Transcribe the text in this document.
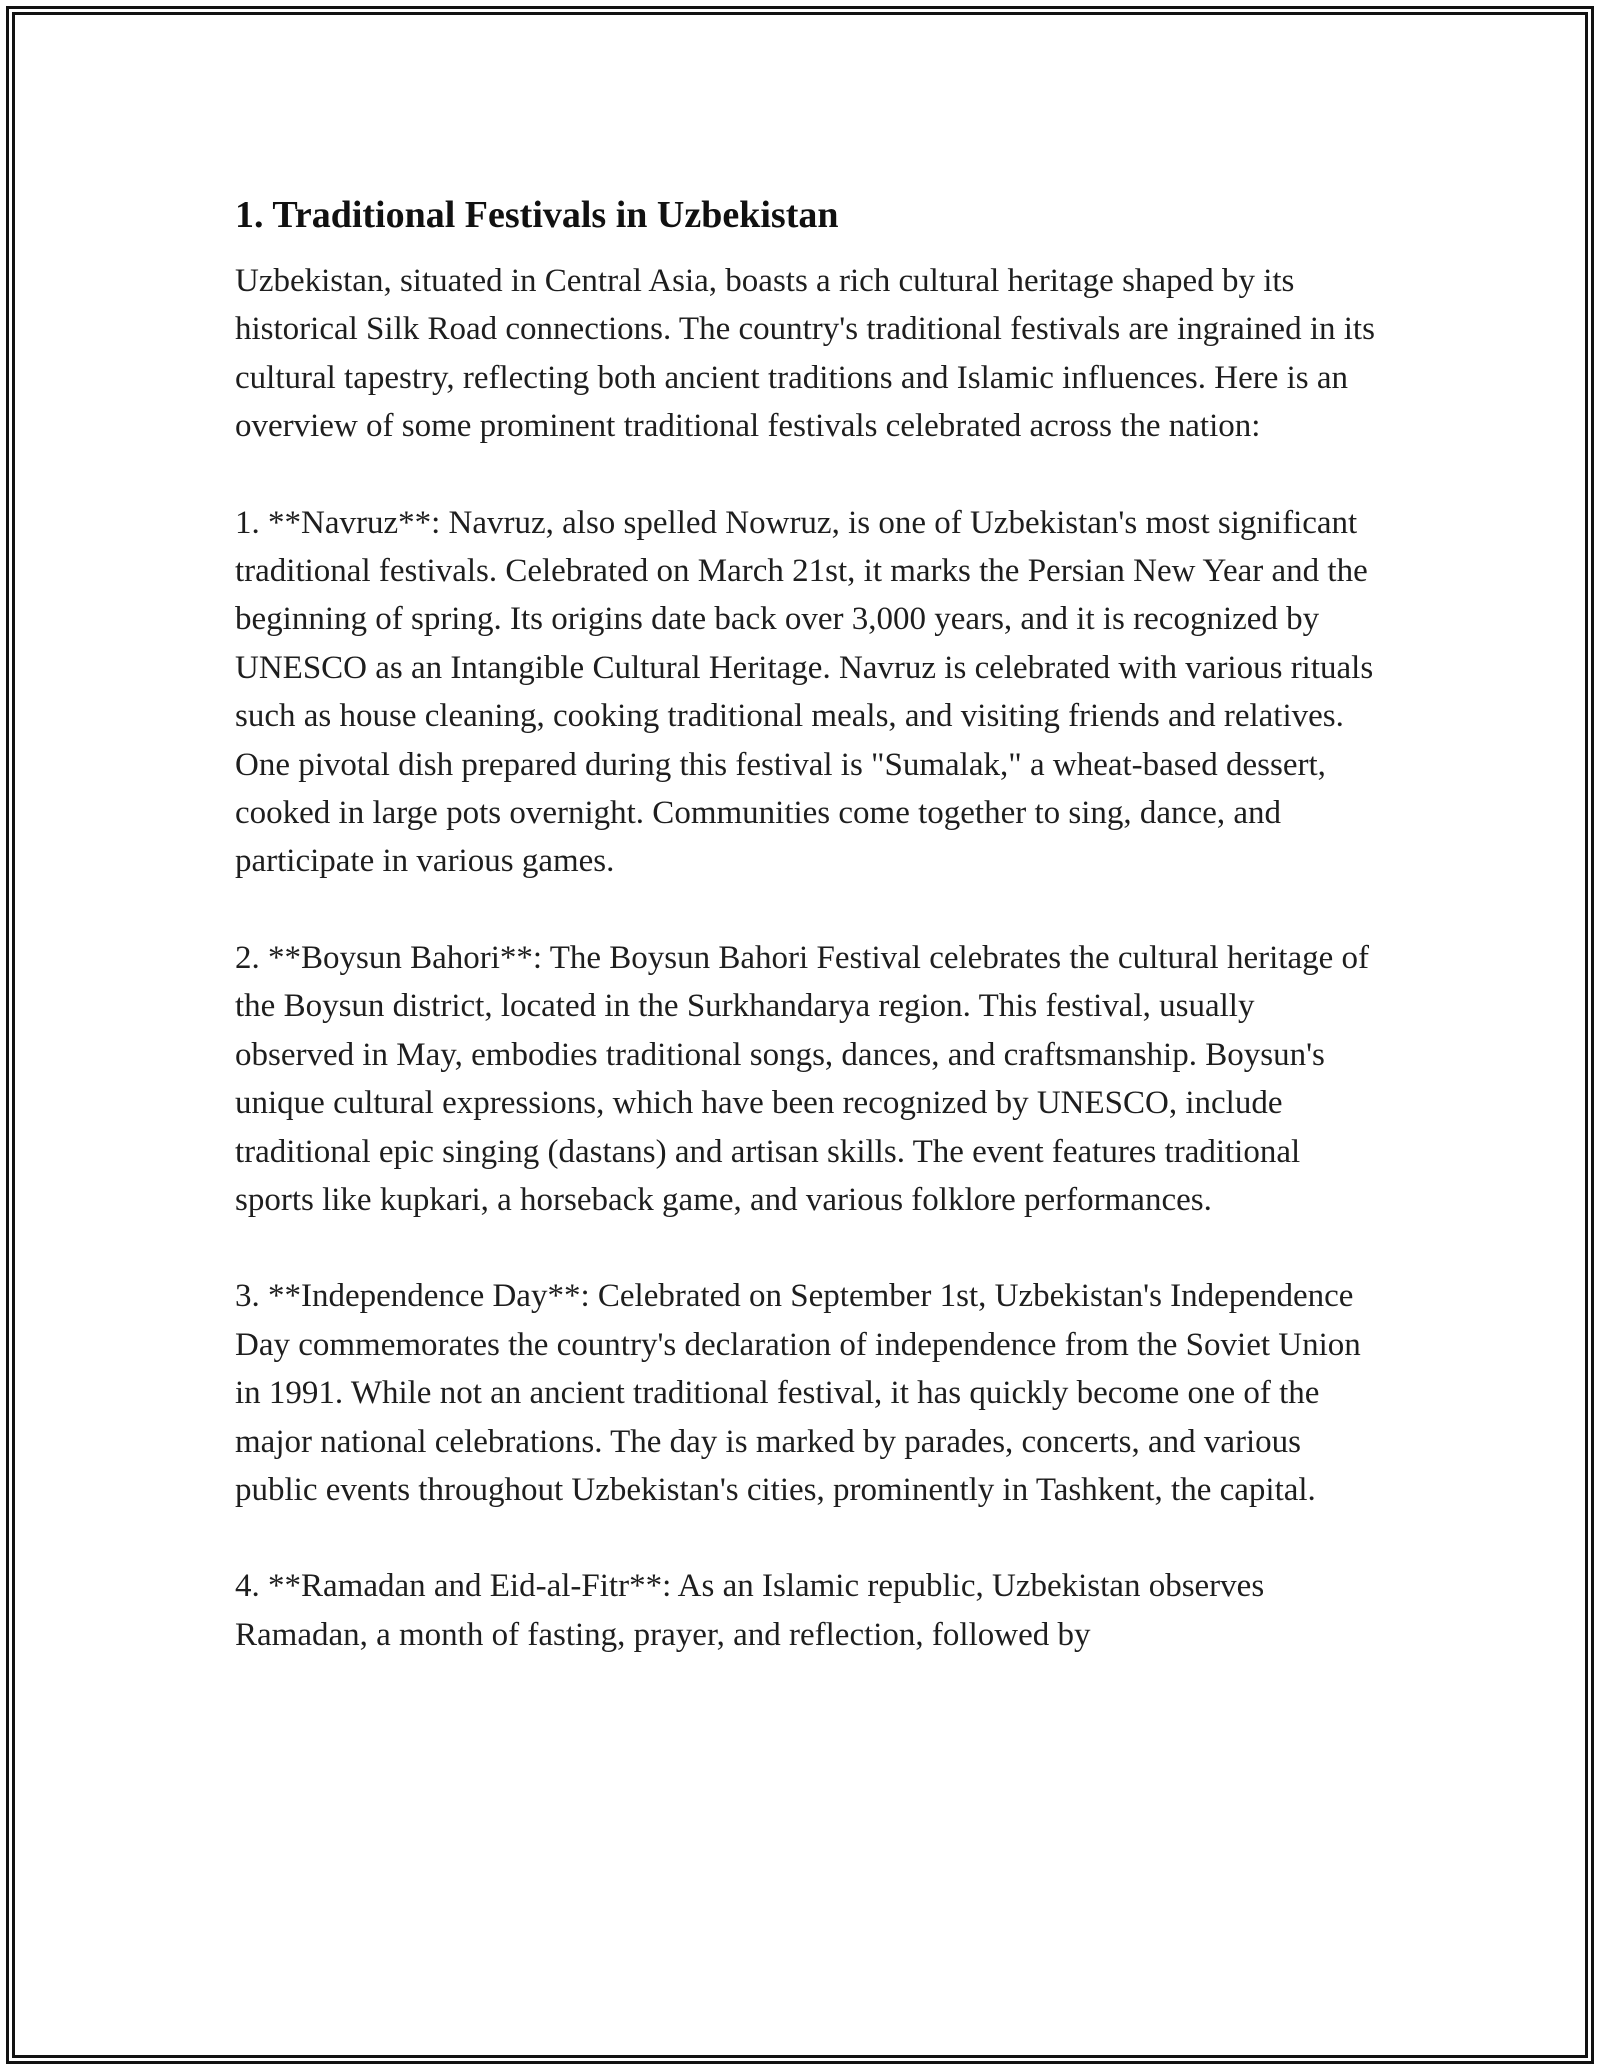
1. Traditional Festivals in Uzbekistan

Uzbekistan, situated in Central Asia, boasts a rich cultural heritage shaped by its historical Silk Road connections. The country's traditional festivals are ingrained in its cultural tapestry, reflecting both ancient traditions and Islamic influences. Here is an overview of some prominent traditional festivals celebrated across the nation:

1. **Navruz**: Navruz, also spelled Nowruz, is one of Uzbekistan's most significant traditional festivals. Celebrated on March 21st, it marks the Persian New Year and the beginning of spring. Its origins date back over 3,000 years, and it is recognized by UNESCO as an Intangible Cultural Heritage. Navruz is celebrated with various rituals such as house cleaning, cooking traditional meals, and visiting friends and relatives. One pivotal dish prepared during this festival is "Sumalak," a wheat-based dessert, cooked in large pots overnight. Communities come together to sing, dance, and participate in various games.

2. **Boysun Bahori**: The Boysun Bahori Festival celebrates the cultural heritage of the Boysun district, located in the Surkhandarya region. This festival, usually observed in May, embodies traditional songs, dances, and craftsmanship. Boysun's unique cultural expressions, which have been recognized by UNESCO, include traditional epic singing (dastans) and artisan skills. The event features traditional sports like kupkari, a horseback game, and various folklore performances.

3. **Independence Day**: Celebrated on September 1st, Uzbekistan's Independence Day commemorates the country's declaration of independence from the Soviet Union in 1991. While not an ancient traditional festival, it has quickly become one of the major national celebrations. The day is marked by parades, concerts, and various public events throughout Uzbekistan's cities, prominently in Tashkent, the capital.

4. **Ramadan and Eid-al-Fitr**: As an Islamic republic, Uzbekistan observes Ramadan, a month of fasting, prayer, and reflection, followed by
